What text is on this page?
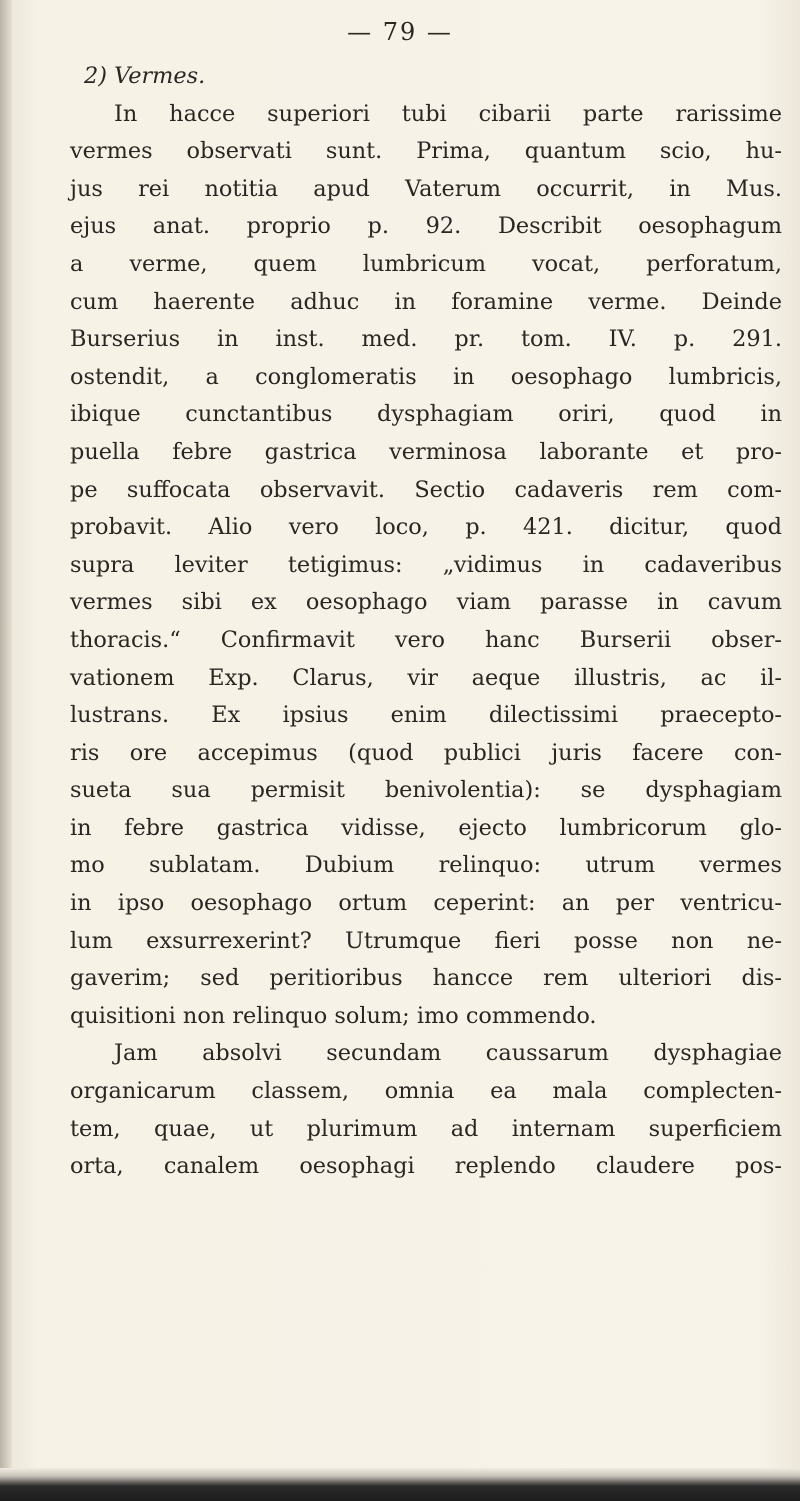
— 79 —
2) Vermes.

In hacce superiori tubi cibarii parte rarissime

vermes observati sunt. Prima, quantum scio, hu-

jus rei notitia apud Vaterum occurrit, in Mus.

ejus anat. proprio p. 92. Describit oesophagum

a verme, quem lumbricum vocat, perforatum,

cum haerente adhuc in foramine verme. Deinde

Burserius in inst. med. pr. tom. IV. p. 291.

ostendit, a conglomeratis in oesophago lumbricis,

ibique cunctantibus dysphagiam oriri, quod in

puella febre gastrica verminosa laborante et pro-

pe suffocata observavit. Sectio cadaveris rem com-

probavit. Alio vero loco, p. 421. dicitur, quod

supra leviter tetigimus: „vidimus in cadaveribus

vermes sibi ex oesophago viam parasse in cavum

thoracis.“ Confirmavit vero hanc Burserii obser-

vationem Exp. Clarus, vir aeque illustris, ac il-

lustrans. Ex ipsius enim dilectissimi praecepto-

ris ore accepimus (quod publici juris facere con-

sueta sua permisit benivolentia): se dysphagiam

in febre gastrica vidisse, ejecto lumbricorum glo-

mo sublatam. Dubium relinquo: utrum vermes

in ipso oesophago ortum ceperint: an per ventricu-

lum exsurrexerint? Utrumque fieri posse non ne-

gaverim; sed peritioribus hancce rem ulteriori dis-

quisitioni non relinquo solum; imo commendo.

Jam absolvi secundam caussarum dysphagiae

organicarum classem, omnia ea mala complecten-

tem, quae, ut plurimum ad internam superficiem

orta, canalem oesophagi replendo claudere pos-
